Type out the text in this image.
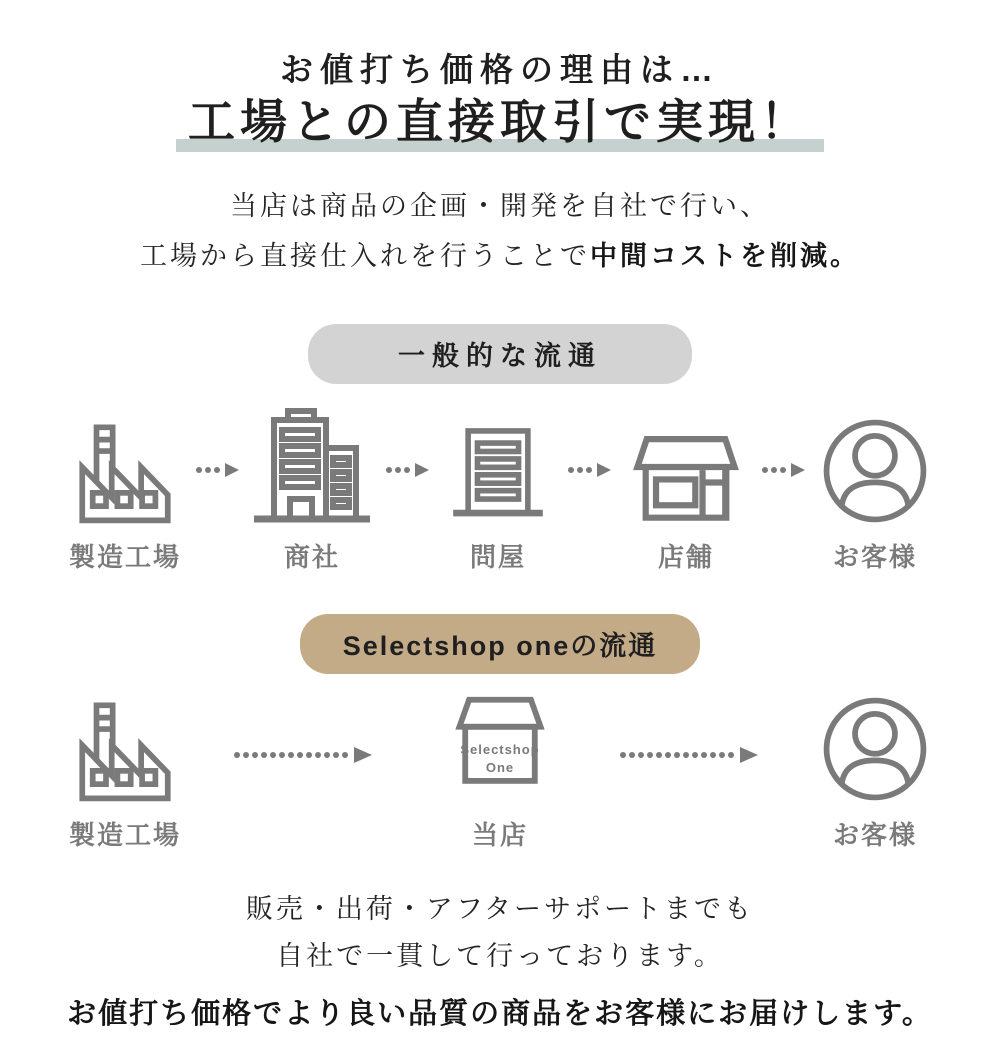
お値打ち価格の理由は…
工場との直接取引で実現！

当店は商品の企画・開発を自社で行い、
工場から直接仕入れを行うことで中間コストを削減。

一般的な流通
製造工場	商社	問屋	店舗	お客様
Selectshop oneの流通
製造工場
Selectshop
One
当店	お客様
販売・出荷・アフターサポートまでも
自社で一貫して行っております。
お値打ち価格でより良い品質の商品をお客様にお届けします。
